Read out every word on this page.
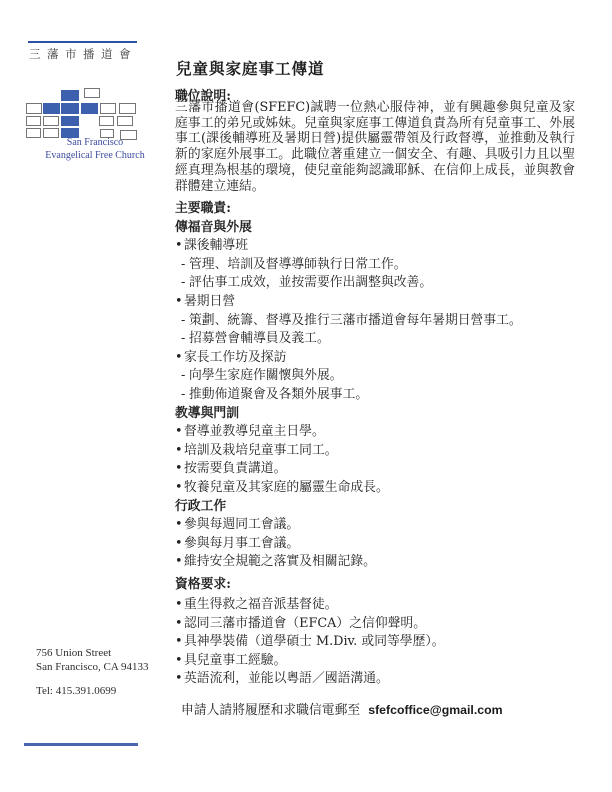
三藩市播道會
San Francisco
Evangelical Free Church
756 Union Street
San Francisco, CA 94133
Tel: 415.391.0699
兒童與家庭事工傳道
職位說明:
三藩市播道會(SFEFC)誠聘一位熱心服侍神，並有興趣參與兒童及家庭事工的弟兄或姊妹。兒童與家庭事工傳道負責為所有兒童事工、外展事工(課後輔導班及暑期日營)提供屬靈帶領及行政督導，並推動及執行新的家庭外展事工。此職位著重建立一個安全、有趣、具吸引力且以聖經真理為根基的環境，使兒童能夠認識耶穌、在信仰上成長，並與教會群體建立連結。
主要職責:
傳福音與外展
•課後輔導班
- 管理、培訓及督導導師執行日常工作。
- 評估事工成效，並按需要作出調整與改善。
•暑期日營
- 策劃、統籌、督導及推行三藩市播道會每年暑期日營事工。
- 招募營會輔導員及義工。
•家長工作坊及探訪
- 向學生家庭作關懷與外展。
- 推動佈道聚會及各類外展事工。
教導與門訓
•督導並教導兒童主日學。
•培訓及栽培兒童事工同工。
•按需要負責講道。
•牧養兒童及其家庭的屬靈生命成長。
行政工作
•參與每週同工會議。
•參與每月事工會議。
•維持安全規範之落實及相關記錄。
資格要求:
•重生得救之福音派基督徒。
•認同三藩市播道會（EFCA）之信仰聲明。
•具神學裝備（道學碩士 M.Div. 或同等學歷）。
•具兒童事工經驗。
•英語流利，並能以粵語／國語溝通。
申請人請將履歷和求職信電郵至 sfefcoffice@gmail.com
